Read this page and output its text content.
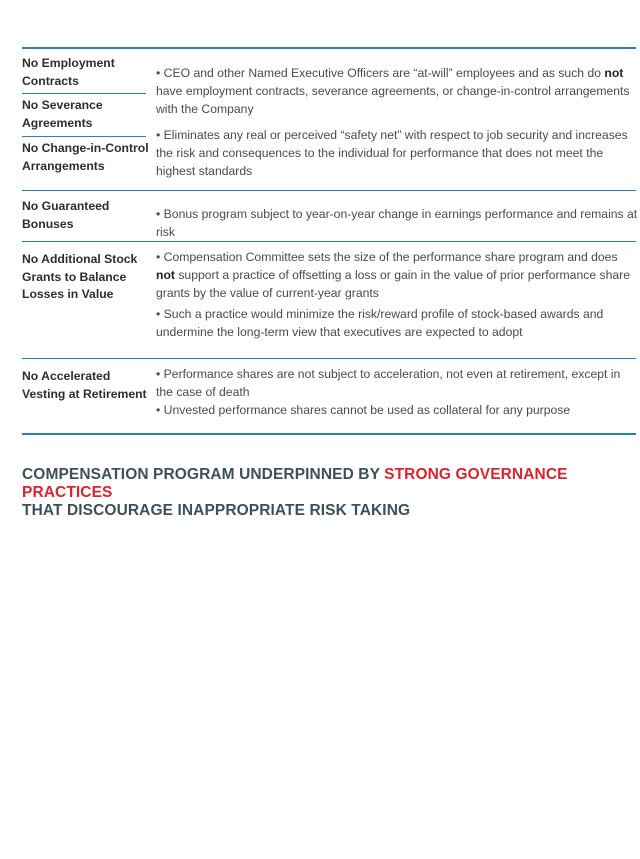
No Employment Contracts
No Severance Agreements
No Change-in-Control Arrangements
• CEO and other Named Executive Officers are “at-will” employees and as such do not have employment contracts, severance agreements, or change-in-control arrangements with the Company
• Eliminates any real or perceived “safety net” with respect to job security and increases the risk and consequences to the individual for performance that does not meet the highest standards
No Guaranteed Bonuses
• Bonus program subject to year-on-year change in earnings performance and remains at risk
No Additional Stock Grants to Balance Losses in Value
• Compensation Committee sets the size of the performance share program and does not support a practice of offsetting a loss or gain in the value of prior performance share grants by the value of current-year grants
• Such a practice would minimize the risk/reward profile of stock-based awards and undermine the long-term view that executives are expected to adopt
No Accelerated Vesting at Retirement
• Performance shares are not subject to acceleration, not even at retirement, except in the case of death
• Unvested performance shares cannot be used as collateral for any purpose
COMPENSATION PROGRAM UNDERPINNED BY STRONG GOVERNANCE PRACTICES
THAT DISCOURAGE INAPPROPRIATE RISK TAKING
